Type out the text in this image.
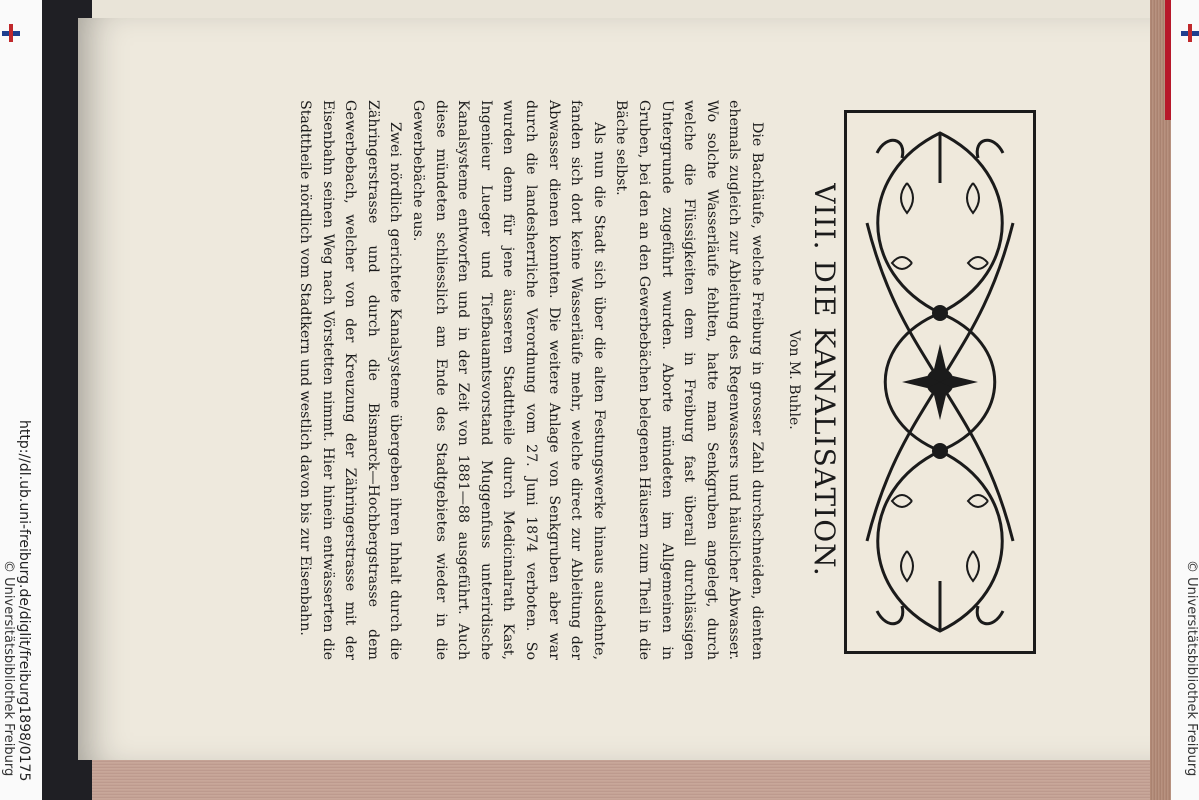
http://dl.ub.uni-freiburg.de/diglit/freiburg1898/0175
© Universitätsbibliothek Freiburg	© Universitätsbibliothek Freiburg
VIII. DIE KANALISATION.
Von M. Buhle.

Die Bachläufe, welche Freiburg in grosser Zahl durchschneiden, dienten ehemals zugleich zur Ableitung des Regenwassers und häuslicher Abwasser. Wo solche Wasserläufe fehlten, hatte man Senkgruben angelegt, durch welche die Flüssigkeiten dem in Freiburg fast überall durchlässigen Untergrunde zugeführt wurden. Aborte mündeten im Allgemeinen in Gruben, bei den an den Gewerbebächen belegenen Häusern zum Theil in die Bäche selbst.

Als nun die Stadt sich über die alten Festungswerke hinaus ausdehnte, fanden sich dort keine Wasserläufe mehr, welche direct zur Ableitung der Abwasser dienen konnten. Die weitere Anlage von Senkgruben aber war durch die landesherrliche Verordnung vom 27. Juni 1874 verboten. So wurden denn für jene äusseren Stadttheile durch Medicinalrath Kast, Ingenieur Lueger und Tiefbauamtsvorstand Muggenfuss unterirdische Kanalsysteme entworfen und in der Zeit von 1881—88 ausgeführt. Auch diese mündeten schliesslich am Ende des Stadtgebietes wieder in die Gewerbebäche aus.

Zwei nördlich gerichtete Kanalsysteme übergeben ihren Inhalt durch die Zähringerstrasse und durch die Bismarck—Hochbergstrasse dem Gewerbebach, welcher von der Kreuzung der Zähringerstrasse mit der Eisenbahn seinen Weg nach Vörstetten nimmt. Hier hinein entwässerten die Stadttheile nördlich vom Stadtkern und westlich davon bis zur Eisenbahn.
